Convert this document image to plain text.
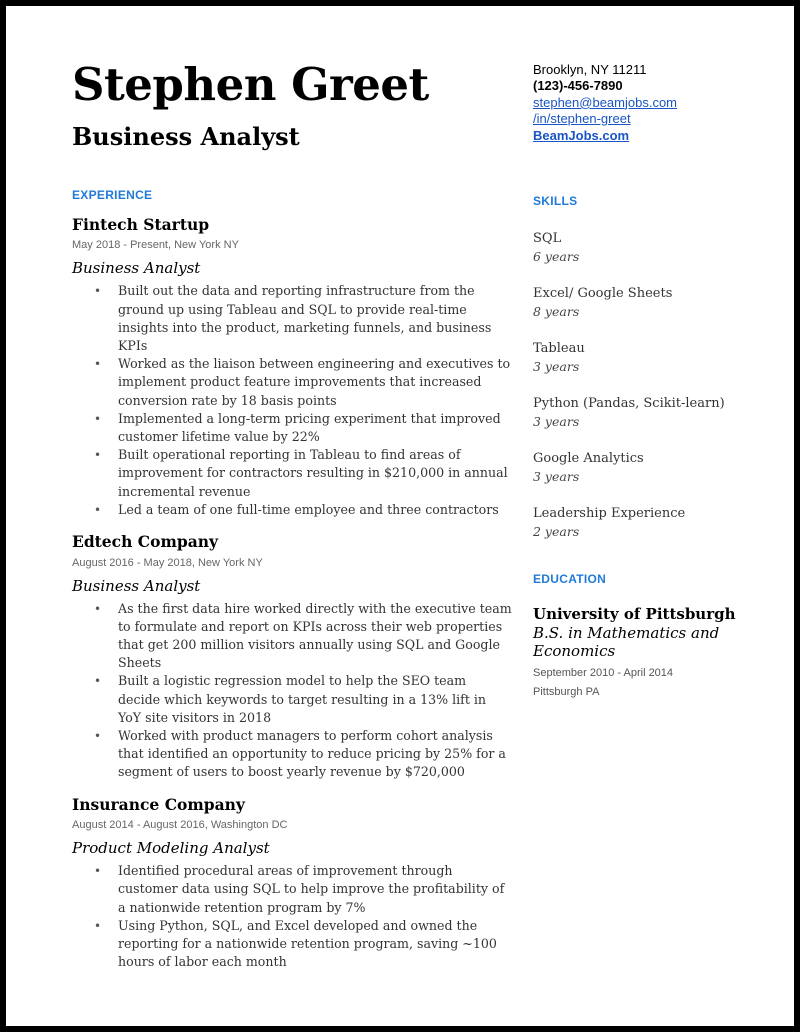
Stephen Greet
Business Analyst

EXPERIENCE

Fintech Startup

May 2018 - Present, New York NY

Business Analyst

• Built out the data and reporting infrastructure from the ground up using Tableau and SQL to provide real-time insights into the product, marketing funnels, and business KPIs
• Worked as the liaison between engineering and executives to implement product feature improvements that increased conversion rate by 18 basis points
• Implemented a long-term pricing experiment that improved customer lifetime value by 22%
• Built operational reporting in Tableau to find areas of improvement for contractors resulting in $210,000 in annual incremental revenue
• Led a team of one full-time employee and three contractors

Edtech Company

August 2016 - May 2018, New York NY

Business Analyst

• As the first data hire worked directly with the executive team to formulate and report on KPIs across their web properties that get 200 million visitors annually using SQL and Google Sheets
• Built a logistic regression model to help the SEO team decide which keywords to target resulting in a 13% lift in YoY site visitors in 2018
• Worked with product managers to perform cohort analysis that identified an opportunity to reduce pricing by 25% for a segment of users to boost yearly revenue by $720,000

Insurance Company

August 2014 - August 2016, Washington DC

Product Modeling Analyst

• Identified procedural areas of improvement through customer data using SQL to help improve the profitability of a nationwide retention program by 7%
• Using Python, SQL, and Excel developed and owned the reporting for a nationwide retention program, saving ~100 hours of labor each month
Brooklyn, NY 11211
(123)-456-7890
stephen@beamjobs.com
/in/stephen-greet
BeamJobs.com

SKILLS

SQL

6 years

Excel/ Google Sheets

8 years

Tableau

3 years

Python (Pandas, Scikit-learn)

3 years

Google Analytics

3 years

Leadership Experience

2 years

EDUCATION

University of Pittsburgh

B.S. in Mathematics and Economics

September 2010 - April 2014

Pittsburgh PA
